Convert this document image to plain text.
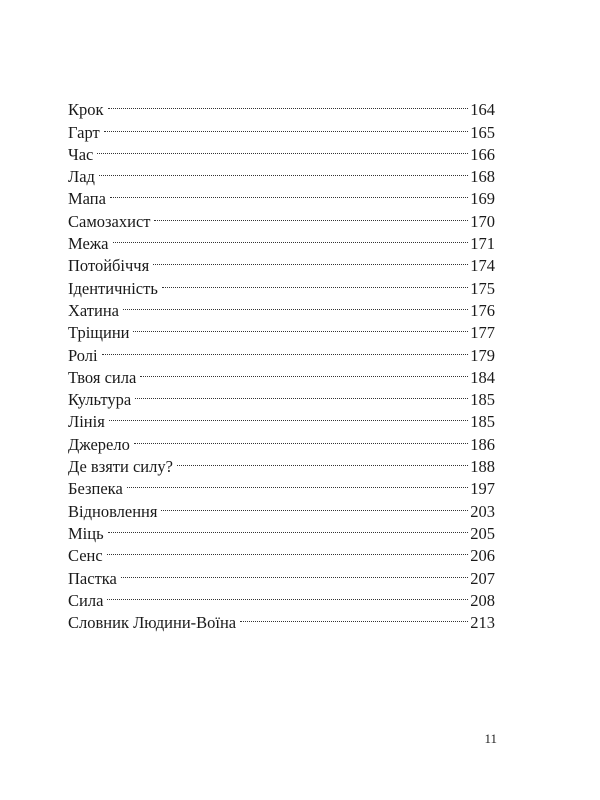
Крок	164
Гарт	165
Час	166
Лад	168
Мапа	169
Самозахист	170
Межа	171
Потойбіччя	174
Ідентичність	175
Хатина	176
Тріщини	177
Ролі	179
Твоя сила	184
Культура	185
Лінія	185
Джерело	186
Де взяти силу?	188
Безпека	197
Відновлення	203
Міць	205
Сенс	206
Пастка	207
Сила	208
Словник Людини-Воїна	213
11
